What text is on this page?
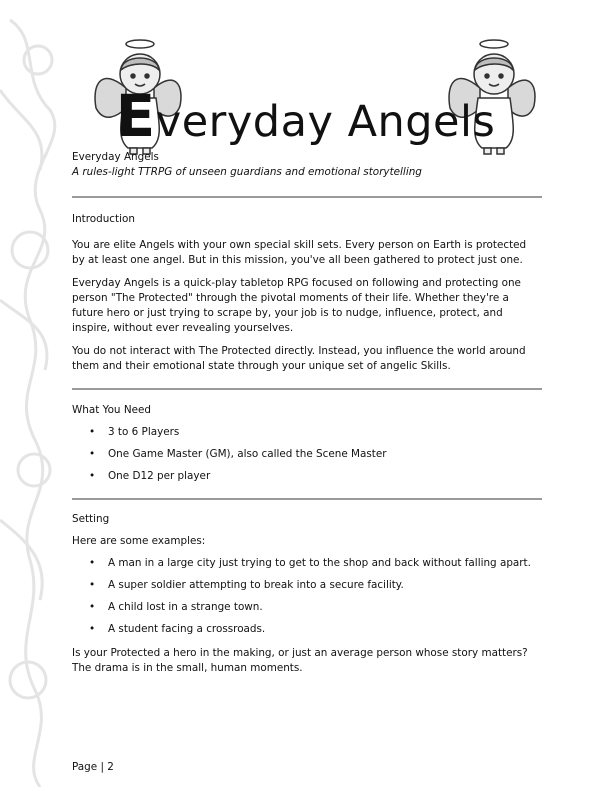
Everyday Angels

Everyday Angels

A rules-light TTRPG of unseen guardians and emotional storytelling

Introduction

You are elite Angels with your own special skill sets. Every person on Earth is protected by at least one angel. But in this mission, you've all been gathered to protect just one.

Everyday Angels is a quick-play tabletop RPG focused on following and protecting one person "The Protected" through the pivotal moments of their life. Whether they're a future hero or just trying to scrape by, your job is to nudge, influence, protect, and inspire, without ever revealing yourselves.

You do not interact with The Protected directly. Instead, you influence the world around them and their emotional state through your unique set of angelic Skills.

What You Need
• 3 to 6 Players
• One Game Master (GM), also called the Scene Master
• One D12 per player
Setting

Here are some examples:

• A man in a large city just trying to get to the shop and back without falling apart.
• A super soldier attempting to break into a secure facility.
• A child lost in a strange town.
• A student facing a crossroads.

Is your Protected a hero in the making, or just an average person whose story matters? The drama is in the small, human moments.

Page | 2
